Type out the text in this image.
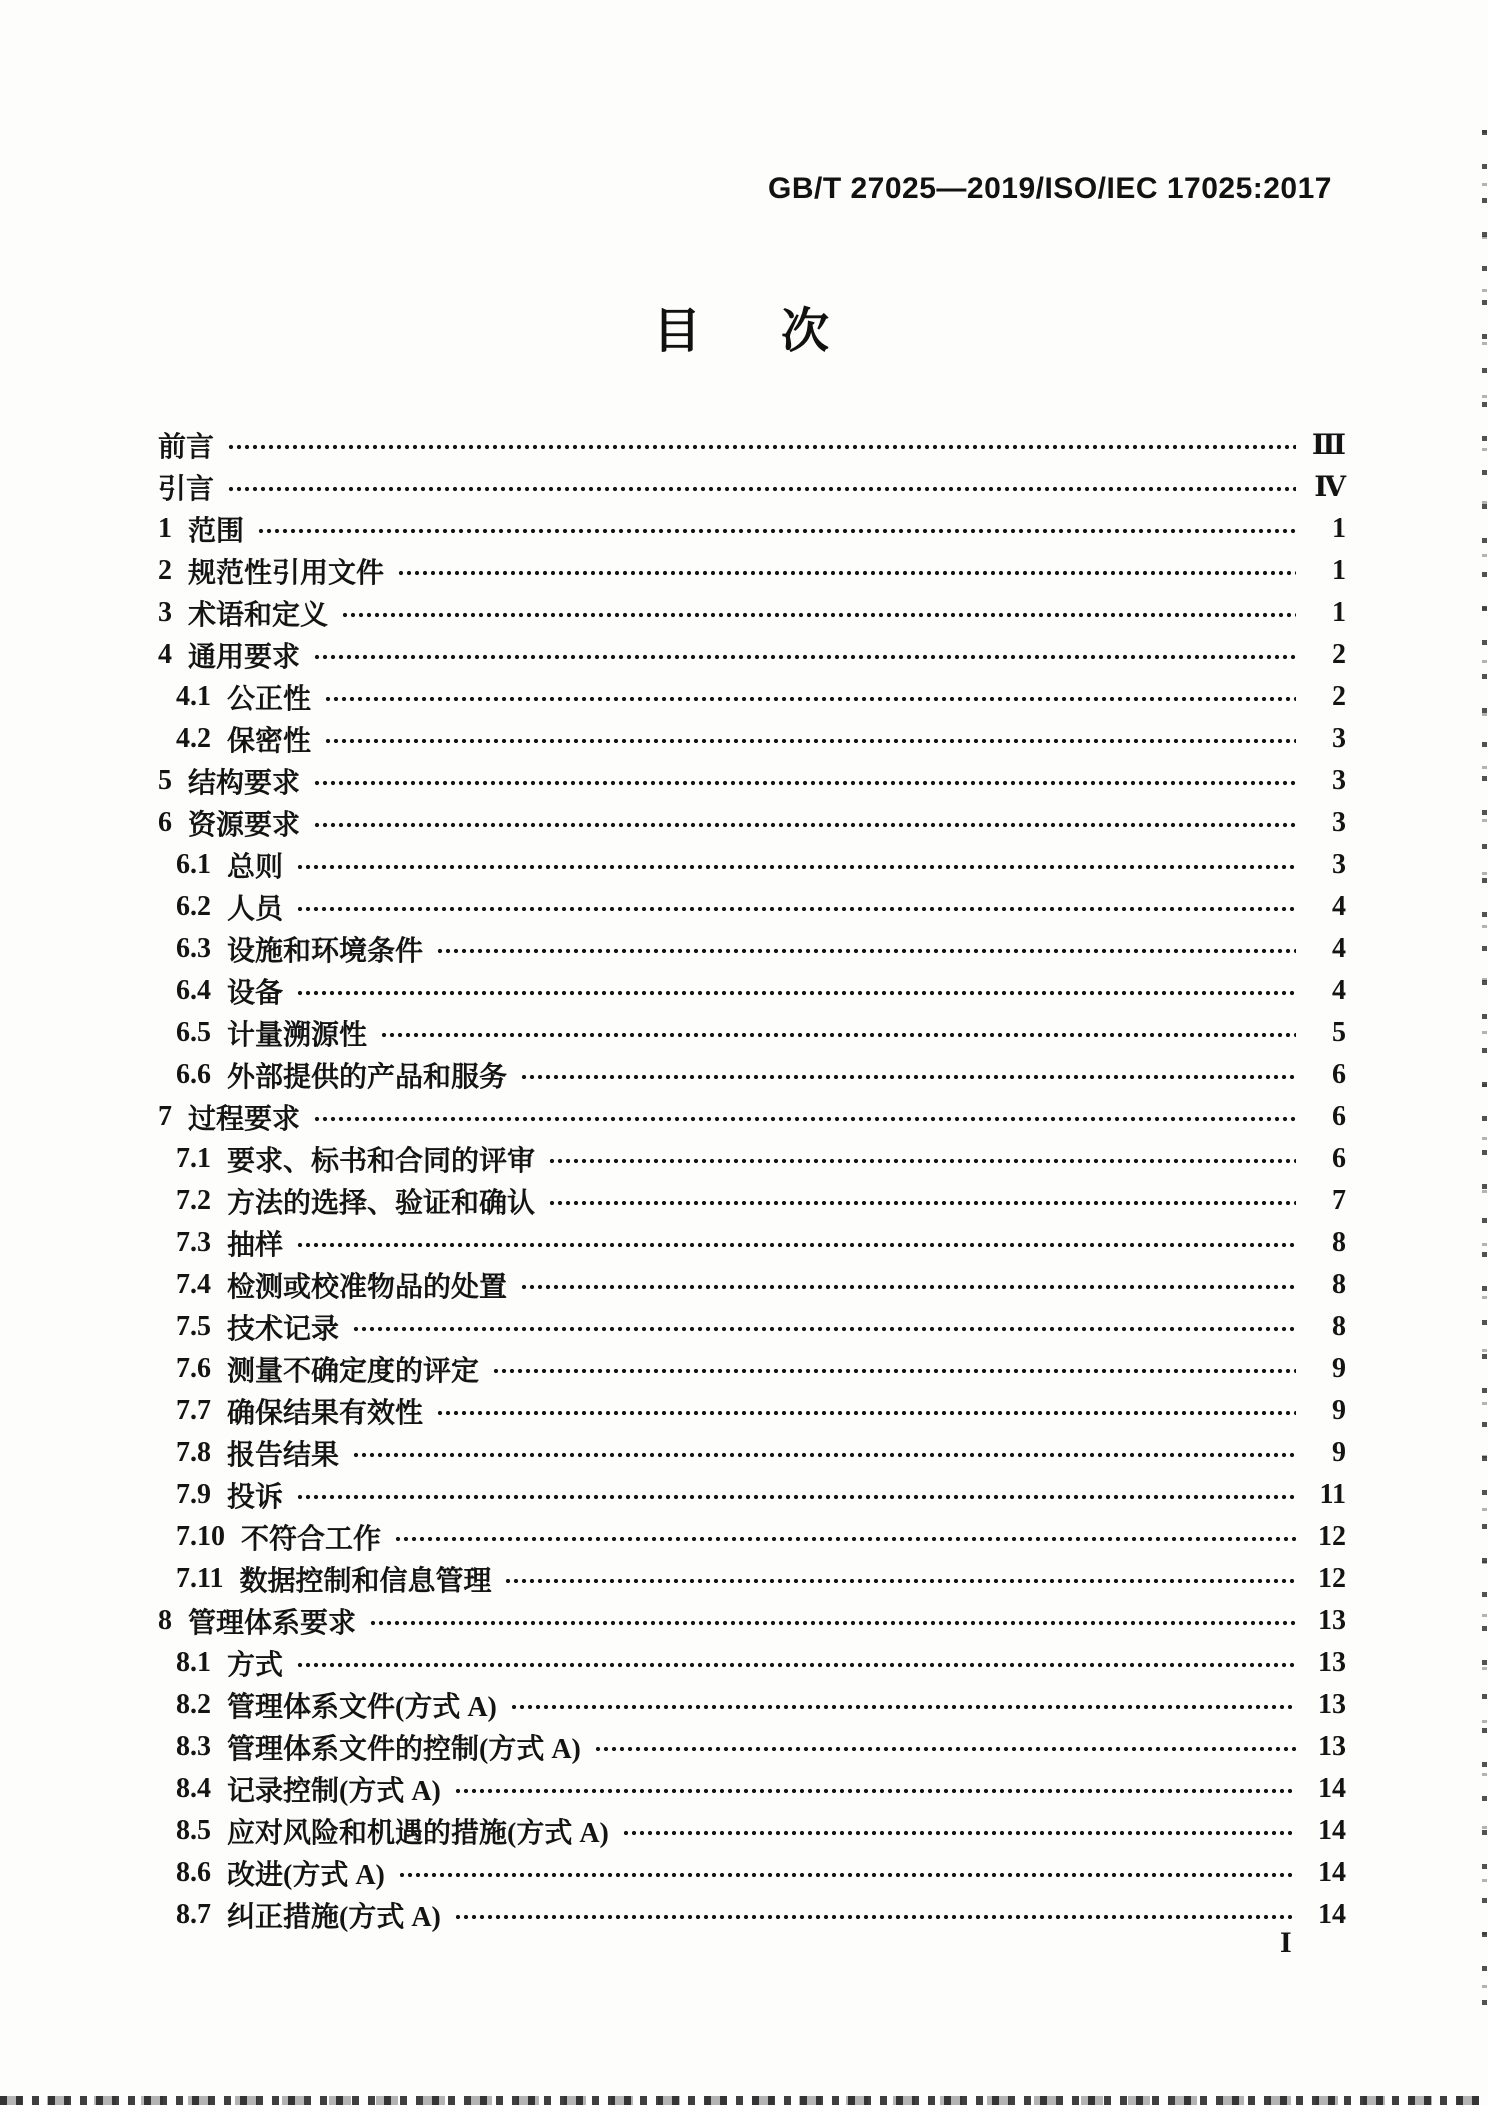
GB/T 27025—2019/ISO/IEC 17025:2017
目 次
前言	Ⅲ
引言	Ⅳ
1 范围	1
2 规范性引用文件	1
3 术语和定义	1
4 通用要求	2
4.1 公正性	2
4.2 保密性	3
5 结构要求	3
6 资源要求	3
6.1 总则	3
6.2 人员	4
6.3 设施和环境条件	4
6.4 设备	4
6.5 计量溯源性	5
6.6 外部提供的产品和服务	6
7 过程要求	6
7.1 要求、标书和合同的评审	6
7.2 方法的选择、验证和确认	7
7.3 抽样	8
7.4 检测或校准物品的处置	8
7.5 技术记录	8
7.6 测量不确定度的评定	9
7.7 确保结果有效性	9
7.8 报告结果	9
7.9 投诉	11
7.10 不符合工作	12
7.11 数据控制和信息管理	12
8 管理体系要求	13
8.1 方式	13
8.2 管理体系文件(方式 A)	13
8.3 管理体系文件的控制(方式 A)	13
8.4 记录控制(方式 A)	14
8.5 应对风险和机遇的措施(方式 A)	14
8.6 改进(方式 A)	14
8.7 纠正措施(方式 A)	14
I
